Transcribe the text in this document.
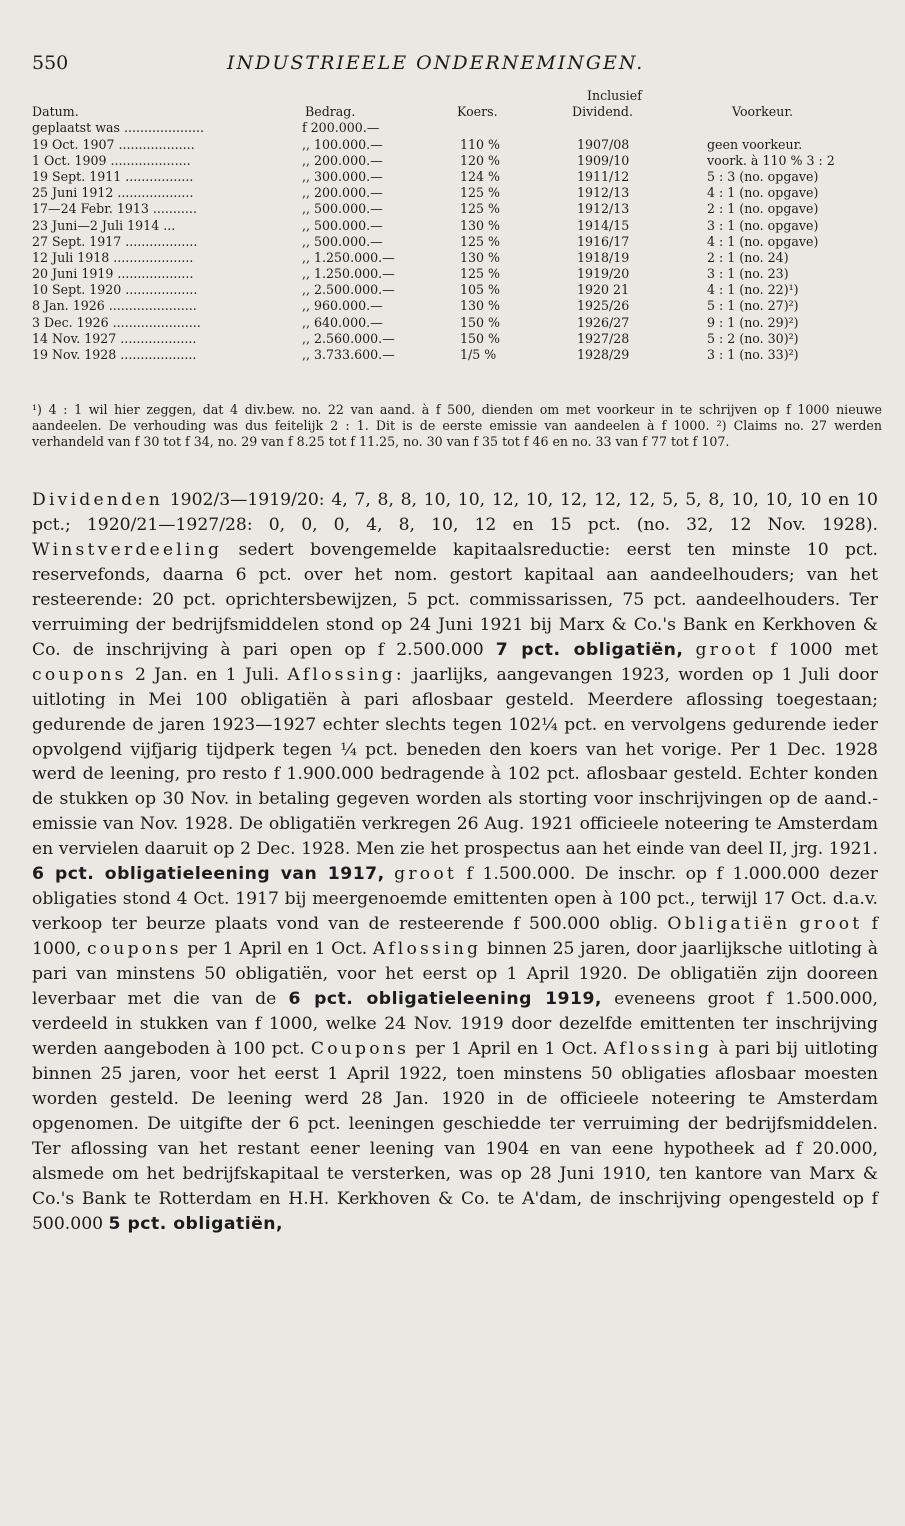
550	INDUSTRIEELE ONDERNEMINGEN.
Inclusief
Datum.	Bedrag.	Koers.	Dividend.	Voorkeur.
geplaatst was ....................	f 200.000.—
19 Oct. 1907 ...................	,, 100.000.—	110 %	1907/08	geen voorkeur.
1 Oct. 1909 ....................	,, 200.000.—	120 %	1909/10	voork. à 110 % 3 : 2
19 Sept. 1911 .................	,, 300.000.—	124 %	1911/12	5 : 3 (no. opgave)
25 Juni 1912 ...................	,, 200.000.—	125 %	1912/13	4 : 1 (no. opgave)
17—24 Febr. 1913 ...........	,, 500.000.—	125 %	1912/13	2 : 1 (no. opgave)
23 Juni—2 Juli 1914 ...	,, 500.000.—	130 %	1914/15	3 : 1 (no. opgave)
27 Sept. 1917 ..................	,, 500.000.—	125 %	1916/17	4 : 1 (no. opgave)
12 Juli 1918 ....................	,, 1.250.000.—	130 %	1918/19	2 : 1 (no. 24)
20 Juni 1919 ...................	,, 1.250.000.—	125 %	1919/20	3 : 1 (no. 23)
10 Sept. 1920 ..................	,, 2.500.000.—	105 %	1920 21	4 : 1 (no. 22)¹)
8 Jan. 1926 ......................	,, 960.000.—	130 %	1925/26	5 : 1 (no. 27)²)
3 Dec. 1926 ......................	,, 640.000.—	150 %	1926/27	9 : 1 (no. 29)²)
14 Nov. 1927 ...................	,, 2.560.000.—	150 %	1927/28	5 : 2 (no. 30)²)
19 Nov. 1928 ...................	,, 3.733.600.—	1/5 %	1928/29	3 : 1 (no. 33)²)

¹) 4 : 1 wil hier zeggen, dat 4 div.bew. no. 22 van aand. à f 500, dienden om met voorkeur in te schrijven op f 1000 nieuwe aandeelen. De verhouding was dus feitelijk 2 : 1. Dit is de eerste emissie van aandeelen à f 1000. ²) Claims no. 27 werden verhandeld van f 30 tot f 34, no. 29 van f 8.25 tot f 11.25, no. 30 van f 35 tot f 46 en no. 33 van f 77 tot f 107.

Dividenden 1902/3—1919/20: 4, 7, 8, 8, 10, 10, 12, 10, 12, 12, 12, 5, 5, 8, 10, 10, 10 en 10 pct.; 1920/21—1927/28: 0, 0, 0, 4, 8, 10, 12 en 15 pct. (no. 32, 12 Nov. 1928). Winstverdeeling sedert bovengemelde kapitaalsreductie: eerst ten minste 10 pct. reservefonds, daarna 6 pct. over het nom. gestort kapitaal aan aandeelhouders; van het resteerende: 20 pct. oprichtersbewijzen, 5 pct. commissarissen, 75 pct. aandeelhouders. Ter verruiming der bedrijfsmiddelen stond op 24 Juni 1921 bij Marx & Co.'s Bank en Kerkhoven & Co. de inschrijving à pari open op f 2.500.000 7 pct. obligatiën, groot f 1000 met coupons 2 Jan. en 1 Juli. Aflossing: jaarlijks, aangevangen 1923, worden op 1 Juli door uitloting in Mei 100 obligatiën à pari aflosbaar gesteld. Meerdere aflossing toegestaan; gedurende de jaren 1923—1927 echter slechts tegen 102¼ pct. en vervolgens gedurende ieder opvolgend vijfjarig tijdperk tegen ¼ pct. beneden den koers van het vorige. Per 1 Dec. 1928 werd de leening, pro resto f 1.900.000 bedragende à 102 pct. aflosbaar gesteld. Echter konden de stukken op 30 Nov. in betaling gegeven worden als storting voor inschrijvingen op de aand.-emissie van Nov. 1928. De obligatiën verkregen 26 Aug. 1921 officieele noteering te Amsterdam en vervielen daaruit op 2 Dec. 1928. Men zie het prospectus aan het einde van deel II, jrg. 1921. 6 pct. obligatieleening van 1917, groot f 1.500.000. De inschr. op f 1.000.000 dezer obligaties stond 4 Oct. 1917 bij meergenoemde emittenten open à 100 pct., terwijl 17 Oct. d.a.v. verkoop ter beurze plaats vond van de resteerende f 500.000 oblig. Obligatiën groot f 1000, coupons per 1 April en 1 Oct. Aflossing binnen 25 jaren, door jaarlijksche uitloting à pari van minstens 50 obligatiën, voor het eerst op 1 April 1920. De obligatiën zijn dooreen leverbaar met die van de 6 pct. obligatieleening 1919, eveneens groot f 1.500.000, verdeeld in stukken van f 1000, welke 24 Nov. 1919 door dezelfde emittenten ter inschrijving werden aangeboden à 100 pct. Coupons per 1 April en 1 Oct. Aflossing à pari bij uitloting binnen 25 jaren, voor het eerst 1 April 1922, toen minstens 50 obligaties aflosbaar moesten worden gesteld. De leening werd 28 Jan. 1920 in de officieele noteering te Amsterdam opgenomen. De uitgifte der 6 pct. leeningen geschiedde ter verruiming der bedrijfsmiddelen. Ter aflossing van het restant eener leening van 1904 en van eene hypotheek ad f 20.000, alsmede om het bedrijfskapitaal te versterken, was op 28 Juni 1910, ten kantore van Marx & Co.'s Bank te Rotterdam en H.H. Kerkhoven & Co. te A'dam, de inschrijving opengesteld op f 500.000 5 pct. obligatiën,
